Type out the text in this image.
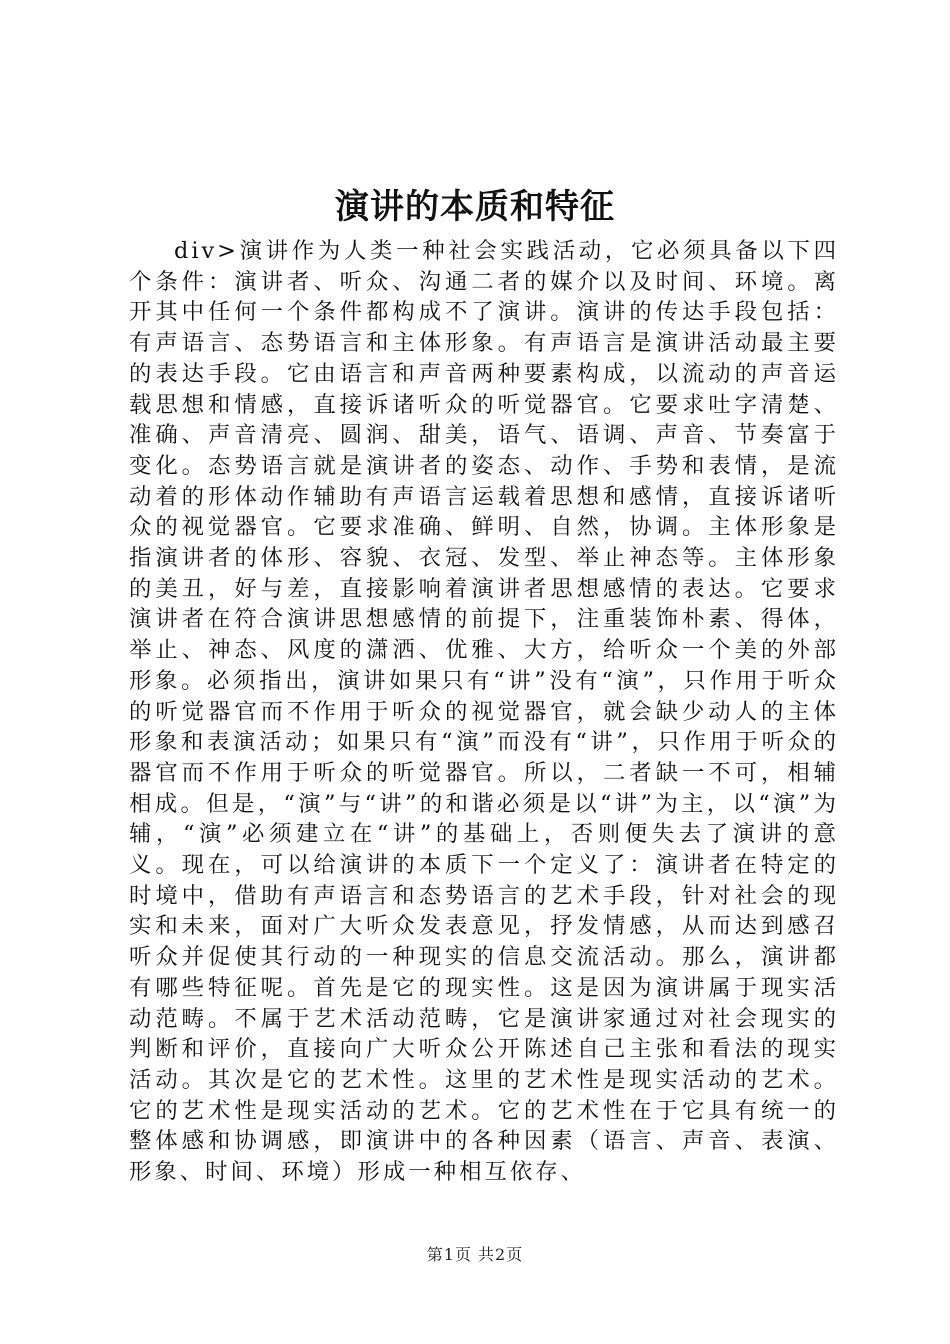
演讲的本质和特征

div>演讲作为人类一种社会实践活动，它必须具备以下四个条件：演讲者、听众、沟通二者的媒介以及时间、环境。离开其中任何一个条件都构成不了演讲。演讲的传达手段包括：有声语言、态势语言和主体形象。有声语言是演讲活动最主要的表达手段。它由语言和声音两种要素构成，以流动的声音运载思想和情感，直接诉诸听众的听觉器官。它要求吐字清楚、准确、声音清亮、圆润、甜美，语气、语调、声音、节奏富于变化。态势语言就是演讲者的姿态、动作、手势和表情，是流动着的形体动作辅助有声语言运载着思想和感情，直接诉诸听众的视觉器官。它要求准确、鲜明、自然，协调。主体形象是指演讲者的体形、容貌、衣冠、发型、举止神态等。主体形象的美丑，好与差，直接影响着演讲者思想感情的表达。它要求演讲者在符合演讲思想感情的前提下，注重装饰朴素、得体，举止、神态、风度的潇洒、优雅、大方，给听众一个美的外部形象。必须指出，演讲如果只有“讲”没有“演”，只作用于听众的听觉器官而不作用于听众的视觉器官，就会缺少动人的主体形象和表演活动；如果只有“演”而没有“讲”，只作用于听众的器官而不作用于听众的听觉器官。所以，二者缺一不可，相辅相成。但是，“演”与“讲”的和谐必须是以“讲”为主，以“演”为辅，“演”必须建立在“讲”的基础上，否则便失去了演讲的意义。现在，可以给演讲的本质下一个定义了：演讲者在特定的时境中，借助有声语言和态势语言的艺术手段，针对社会的现实和未来，面对广大听众发表意见，抒发情感，从而达到感召听众并促使其行动的一种现实的信息交流活动。那么，演讲都有哪些特征呢。首先是它的现实性。这是因为演讲属于现实活动范畴。不属于艺术活动范畴，它是演讲家通过对社会现实的判断和评价，直接向广大听众公开陈述自己主张和看法的现实活动。其次是它的艺术性。这里的艺术性是现实活动的艺术。它的艺术性是现实活动的艺术。它的艺术性在于它具有统一的整体感和协调感，即演讲中的各种因素（语言、声音、表演、形象、时间、环境）形成一种相互依存、

第1页 共2页
